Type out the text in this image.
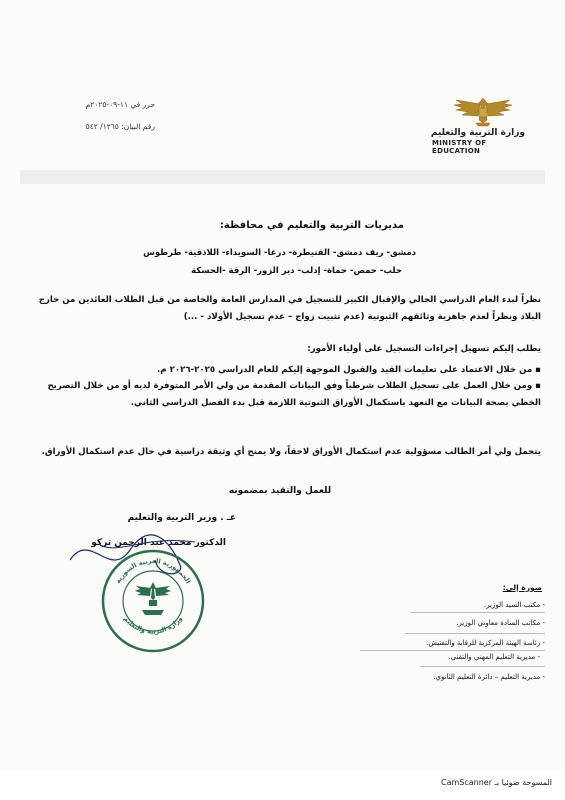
وزارة التربية والتعليم
MINISTRY OF EDUCATION
حرر في ١١-٠٩-٢٠٢٥م
رقم البيان: ١٢٦٥/ ٥٤٢
مديريات التربية والتعليم في محافظة:
دمشق- ريف دمشق- القنيطرة- درعا- السويداء- اللاذقية- طرطوس
حلب- حمص- حماة- إدلب- دير الزور- الرقة -الحسكة
نظراً لبدء العام الدراسي الحالي والإقبال الكبير للتسجيل في المدارس العامة والخاصة من قبل الطلاب العائدين من خارج البلاد ونظراً لعدم جاهزية وثائقهم الثبوتية (عدم تثبيت زواج – عدم تسجيل الأولاد - ...)
يطلب إليكم تسهيل إجراءات التسجيل على أولياء الأمور:
▪ من خلال الاعتماد على تعليمات القيد والقبول الموجهة إليكم للعام الدراسي ٢٠٢٥-٢٠٢٦ م.
▪ ومن خلال العمل على تسجيل الطلاب شرطياً وفق البيانات المقدمة من ولي الأمر المتوفرة لديه أو من خلال التصريح الخطي بصحة البيانات مع التعهد باستكمال الأوراق الثبوتية اللازمة قبل بدء الفصل الدراسي الثاني.
يتحمل ولي أمر الطالب مسؤولية عدم استكمال الأوراق لاحقاً، ولا يمنح أي وثيقة دراسية في حال عدم استكمال الأوراق.
للعمل والتقيد بمضمونه
عـ . وزير التربية والتعليم
الدكتور محمد عبد الرحمن تركو
الجمهورية العربية السورية
وزارة التربية والتعليم
صورة إلى:
- مكتب السيد الوزير.
- مكاتب السادة معاوني الوزير.
- رئاسة الهيئة المركزية للرقابة والتفتيش.
- مديرية التعليم المهني والتقني.
- مديرية التعليم – دائرة التعليم الثانوي.
المسوحة ضوئيا بـ CamScanner
